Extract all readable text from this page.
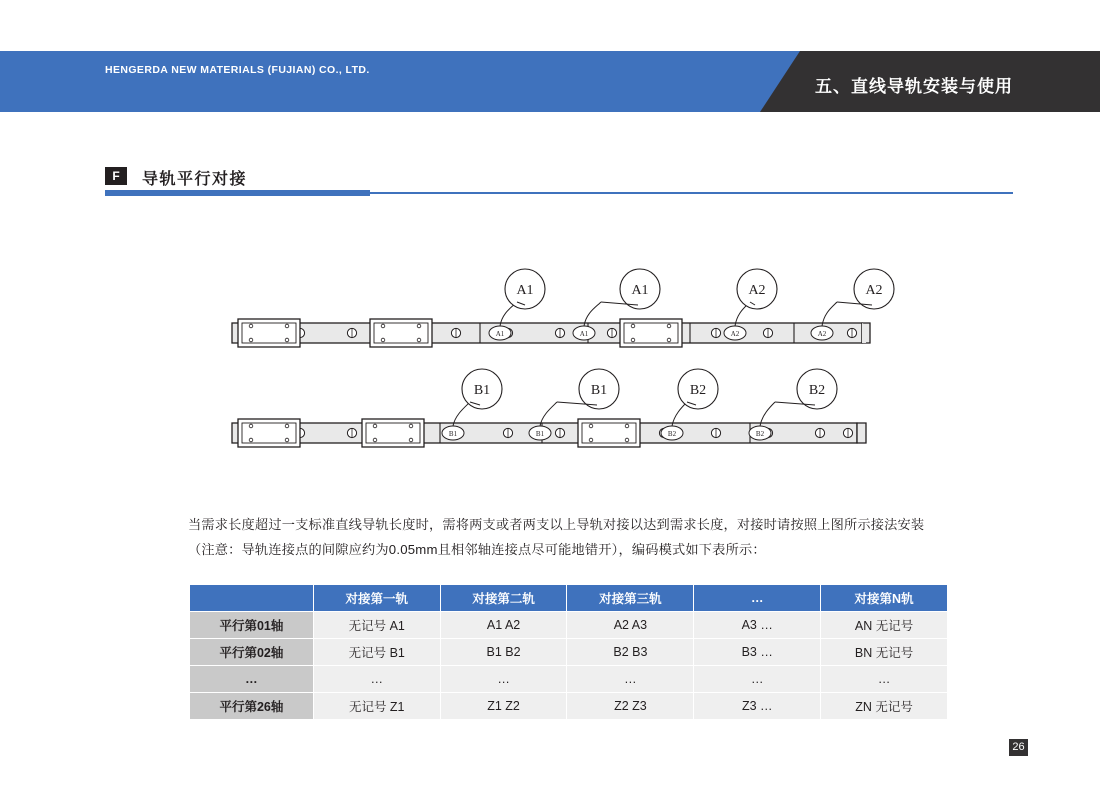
HENGERDA NEW MATERIALS (FUJIAN) CO., LTD.
五、直线导轨安装与使用
F	导轨平行对接
A1	A1	A2	A2
A1	A1	A2	A2
B1	B1	B2	B2
B1	B1	B2	B2
当需求长度超过一支标准直线导轨长度时，需将两支或者两支以上导轨对接以达到需求长度，对接时请按照上图所示接法安装（注意：导轨连接点的间隙应约为0.05mm且相邻轴连接点尽可能地错开），编码模式如下表所示：
	对接第一轨	对接第二轨	对接第三轨	…	对接第N轨
平行第01轴	无记号 A1	A1 A2	A2 A3	A3 …	AN 无记号
平行第02轴	无记号 B1	B1 B2	B2 B3	B3 …	BN 无记号
…	…	…	…	…	…
平行第26轴	无记号 Z1	Z1 Z2	Z2 Z3	Z3 …	ZN 无记号
26
